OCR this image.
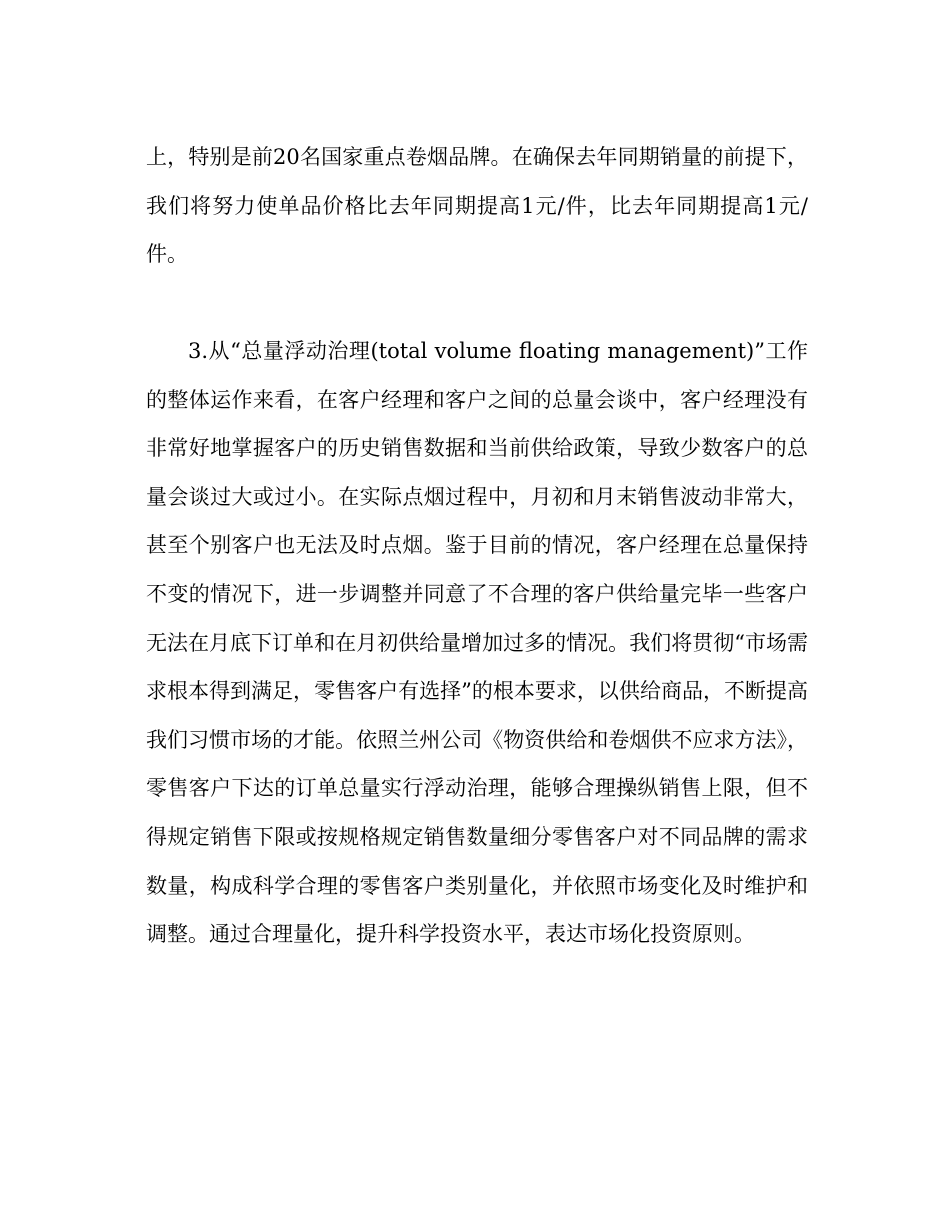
上，特别是前20名国家重点卷烟品牌。在确保去年同期销量的前提下，我们将努力使单品价格比去年同期提高1元/件，比去年同期提高1元/件。

3.从“总量浮动治理(total volume floating management)”工作的整体运作来看，在客户经理和客户之间的总量会谈中，客户经理没有非常好地掌握客户的历史销售数据和当前供给政策，导致少数客户的总量会谈过大或过小。在实际点烟过程中，月初和月末销售波动非常大，甚至个别客户也无法及时点烟。鉴于目前的情况，客户经理在总量保持不变的情况下，进一步调整并同意了不合理的客户供给量完毕一些客户无法在月底下订单和在月初供给量增加过多的情况。我们将贯彻“市场需求根本得到满足，零售客户有选择”的根本要求，以供给商品，不断提高我们习惯市场的才能。依照兰州公司《物资供给和卷烟供不应求方法》，零售客户下达的订单总量实行浮动治理，能够合理操纵销售上限，但不得规定销售下限或按规格规定销售数量细分零售客户对不同品牌的需求数量，构成科学合理的零售客户类别量化，并依照市场变化及时维护和调整。通过合理量化，提升科学投资水平，表达市场化投资原则。
